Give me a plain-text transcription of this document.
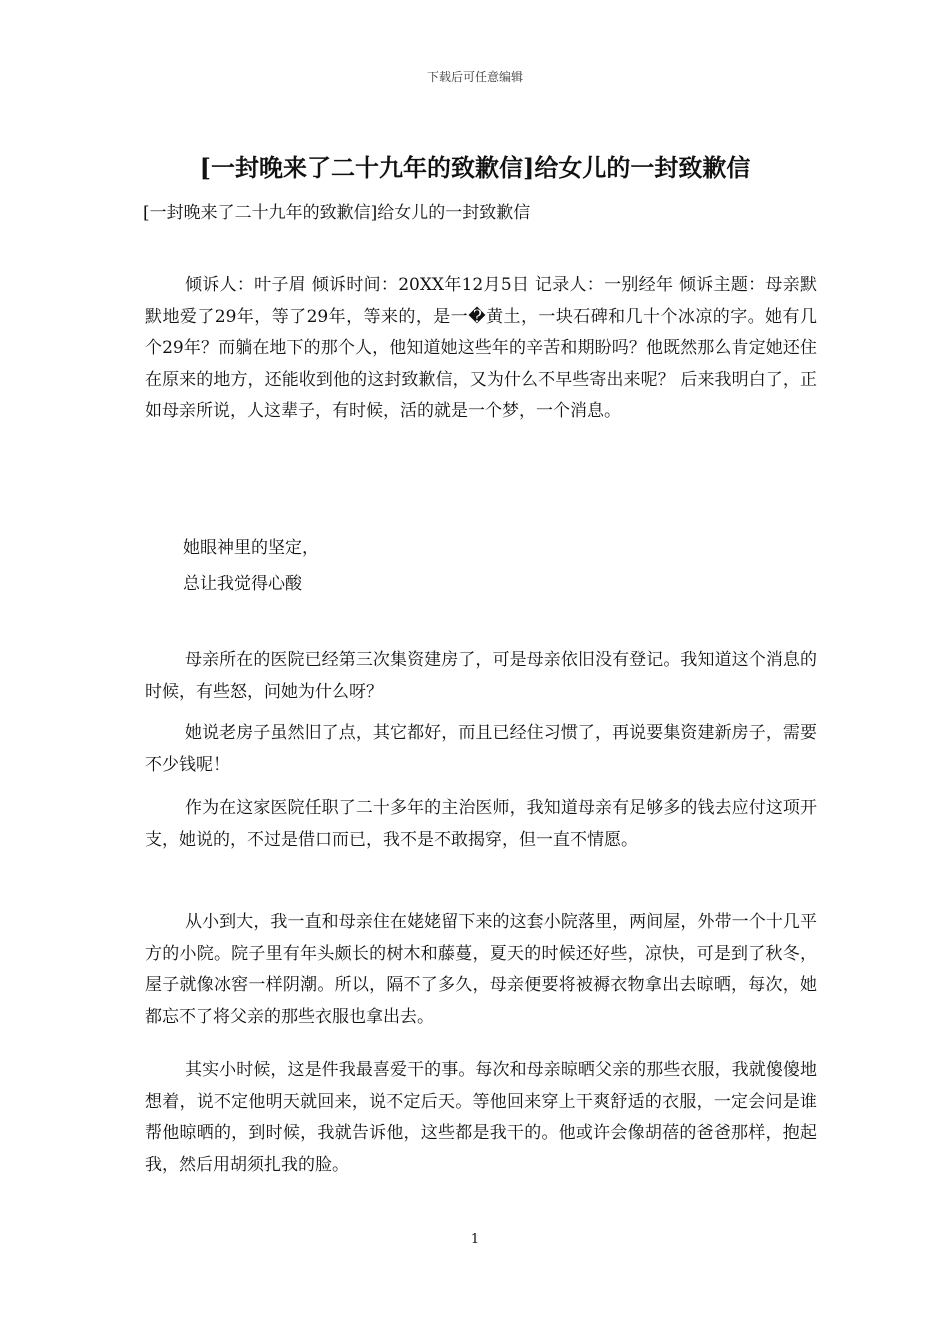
下载后可任意编辑
[一封晚来了二十九年的致歉信]给女儿的一封致歉信

[一封晚来了二十九年的致歉信]给女儿的一封致歉信

倾诉人：叶子眉 倾诉时间：20XX年12月5日 记录人：一别经年 倾诉主题：母亲默默地爱了29年，等了29年，等来的，是一�黄土，一块石碑和几十个冰凉的字。她有几个29年？而躺在地下的那个人，他知道她这些年的辛苦和期盼吗？他既然那么肯定她还住在原来的地方，还能收到他的这封致歉信，又为什么不早些寄出来呢？ 后来我明白了，正如母亲所说，人这辈子，有时候，活的就是一个梦，一个消息。

她眼神里的坚定，

总让我觉得心酸

母亲所在的医院已经第三次集资建房了，可是母亲依旧没有登记。我知道这个消息的时候，有些怒，问她为什么呀？

她说老房子虽然旧了点，其它都好，而且已经住习惯了，再说要集资建新房子，需要不少钱呢！

作为在这家医院任职了二十多年的主治医师，我知道母亲有足够多的钱去应付这项开支，她说的，不过是借口而已，我不是不敢揭穿，但一直不情愿。

从小到大，我一直和母亲住在姥姥留下来的这套小院落里，两间屋，外带一个十几平方的小院。院子里有年头颇长的树木和藤蔓，夏天的时候还好些，凉快，可是到了秋冬，屋子就像冰窖一样阴潮。所以，隔不了多久，母亲便要将被褥衣物拿出去晾晒，每次，她都忘不了将父亲的那些衣服也拿出去。

其实小时候，这是件我最喜爱干的事。每次和母亲晾晒父亲的那些衣服，我就傻傻地想着，说不定他明天就回来，说不定后天。等他回来穿上干爽舒适的衣服，一定会问是谁帮他晾晒的，到时候，我就告诉他，这些都是我干的。他或许会像胡蓓的爸爸那样，抱起我，然后用胡须扎我的脸。

1
